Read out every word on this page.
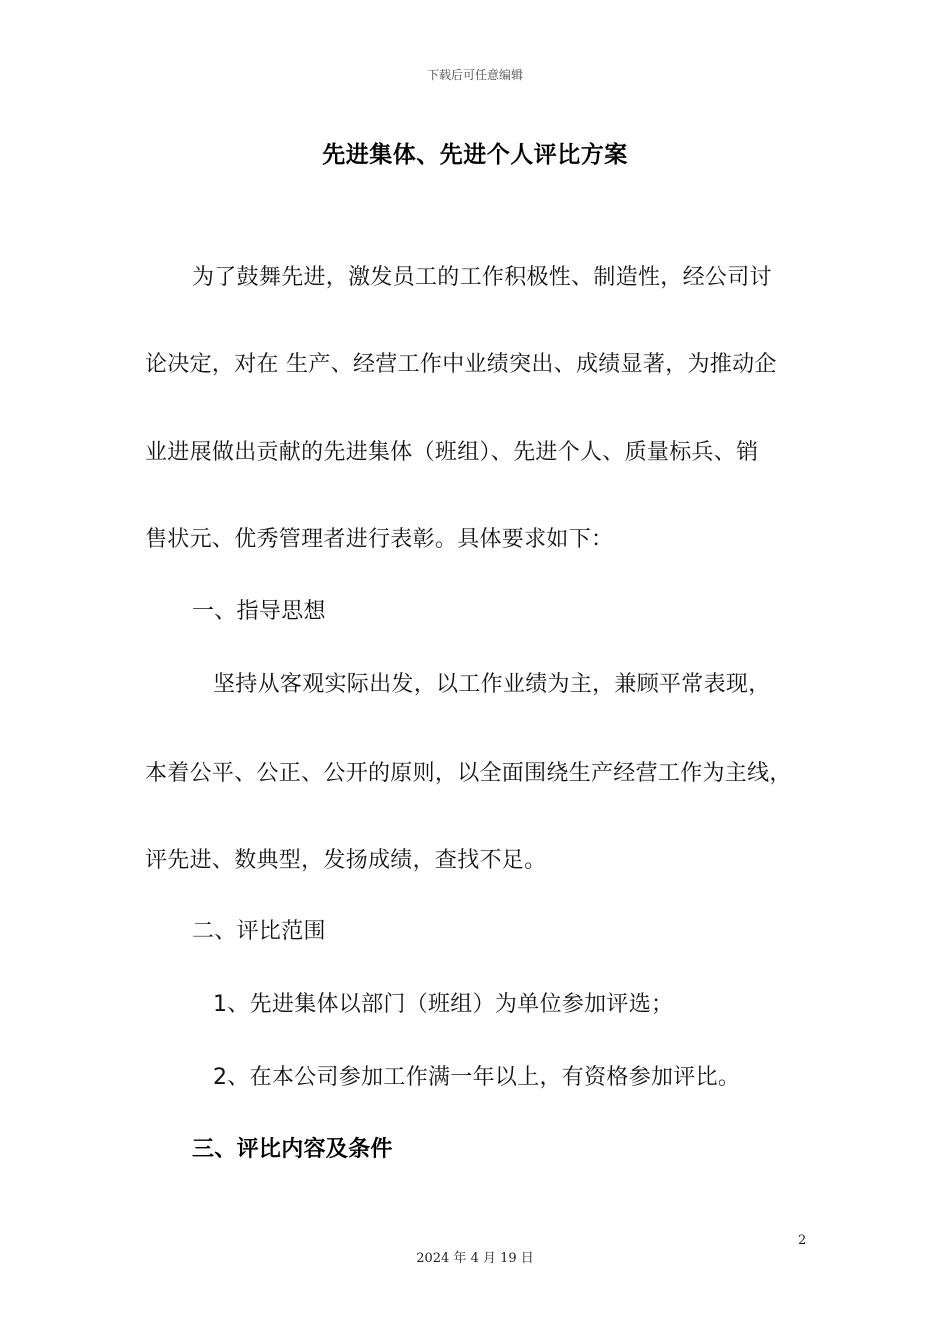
下载后可任意编辑
先进集体、先进个人评比方案
为了鼓舞先进，激发员工的工作积极性、制造性，经公司讨
论决定，对在 生产、经营工作中业绩突出、成绩显著，为推动企
业进展做出贡献的先进集体（班组）、先进个人、质量标兵、销
售状元、优秀管理者进行表彰。具体要求如下：
一、指导思想
坚持从客观实际出发，以工作业绩为主，兼顾平常表现，
本着公平、公正、公开的原则，以全面围绕生产经营工作为主线，
评先进、数典型，发扬成绩，查找不足。
二、评比范围
1、先进集体以部门（班组）为单位参加评选；
2、在本公司参加工作满一年以上，有资格参加评比。
三、评比内容及条件
2
2024 年 4 月 19 日
